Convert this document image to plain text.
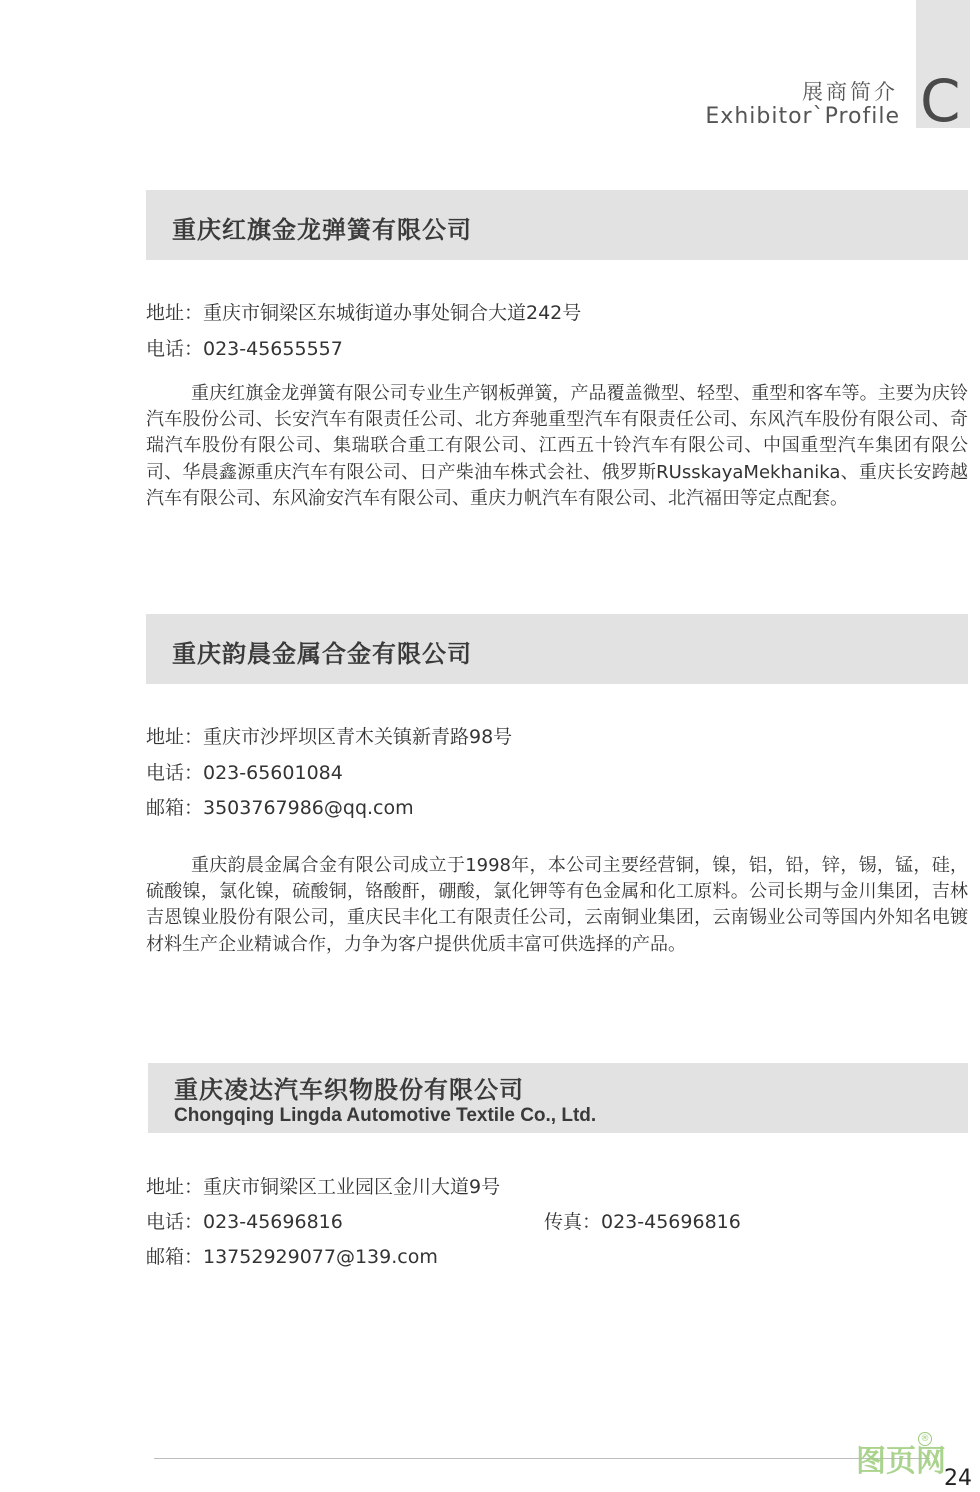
C
展商简介
Exhibitor`Profile
重庆红旗金龙弹簧有限公司
地址：重庆市铜梁区东城街道办事处铜合大道242号
电话：023-45655557

重庆红旗金龙弹簧有限公司专业生产钢板弹簧，产品覆盖微型、轻型、重型和客车等。主要为庆铃汽车股份公司、长安汽车有限责任公司、北方奔驰重型汽车有限责任公司、东风汽车股份有限公司、奇瑞汽车股份有限公司、集瑞联合重工有限公司、江西五十铃汽车有限公司、中国重型汽车集团有限公司、华晨鑫源重庆汽车有限公司、日产柴油车株式会社、俄罗斯RUsskayaMekhanika、重庆长安跨越汽车有限公司、东风渝安汽车有限公司、重庆力帆汽车有限公司、北汽福田等定点配套。

重庆韵晨金属合金有限公司
地址：重庆市沙坪坝区青木关镇新青路98号
电话：023-65601084
邮箱：3503767986@qq.com

重庆韵晨金属合金有限公司成立于1998年，本公司主要经营铜，镍，铝，铅，锌，锡，锰，硅，硫酸镍，氯化镍，硫酸铜，铬酸酐，硼酸，氯化钾等有色金属和化工原料。公司长期与金川集团，吉林吉恩镍业股份有限公司，重庆民丰化工有限责任公司，云南铜业集团，云南锡业公司等国内外知名电镀材料生产企业精诚合作，力争为客户提供优质丰富可供选择的产品。

重庆凌达汽车织物股份有限公司
Chongqing Lingda Automotive Textile Co., Ltd.
地址：重庆市铜梁区工业园区金川大道9号
电话：023-45696816	传真：023-45696816
邮箱：13752929077@139.com
图页网
®
24
